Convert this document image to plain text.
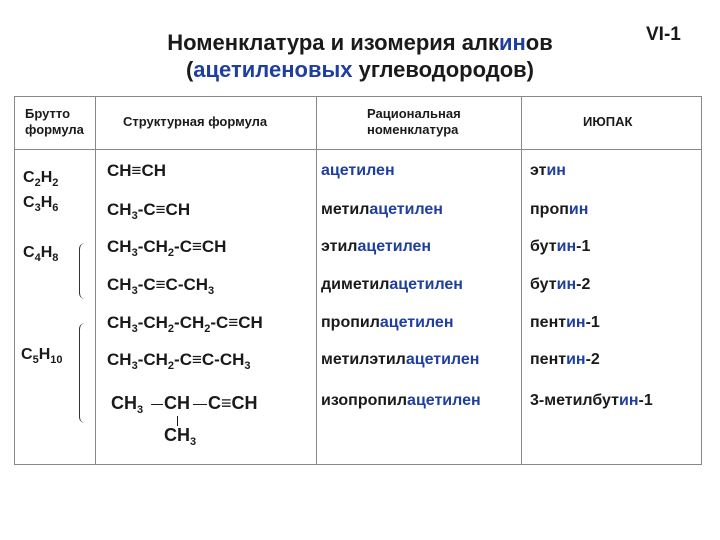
Номенклатура и изомерия алкинов
(ацетиленовых углеводородов)
VI-1
Брутто
формула
Структурная формула
Рациональная
номенклатура
ИЮПАК
$C_2H_2$
$C_3H_6$
$C_4H_8$
$C_5H_{10}$
CH≡CH
$CH_3-C\equiv CH$
$CH_3-CH_2-C\equiv CH$
$CH_3-C\equiv C-CH_3$
$CH_3-CH_2-CH_2-C\equiv CH$
$CH_3-CH_2-C\equiv C-CH_3$
$CH_3$ CH C≡CH
$CH_3$
ацетилен
метилацетилен
этилацетилен
диметилацетилен
пропилацетилен
метилэтилацетилен
изопропилацетилен
этин
пропин
бутин-1
бутин-2
пентин-1
пентин-2
3-метилбутин-1
